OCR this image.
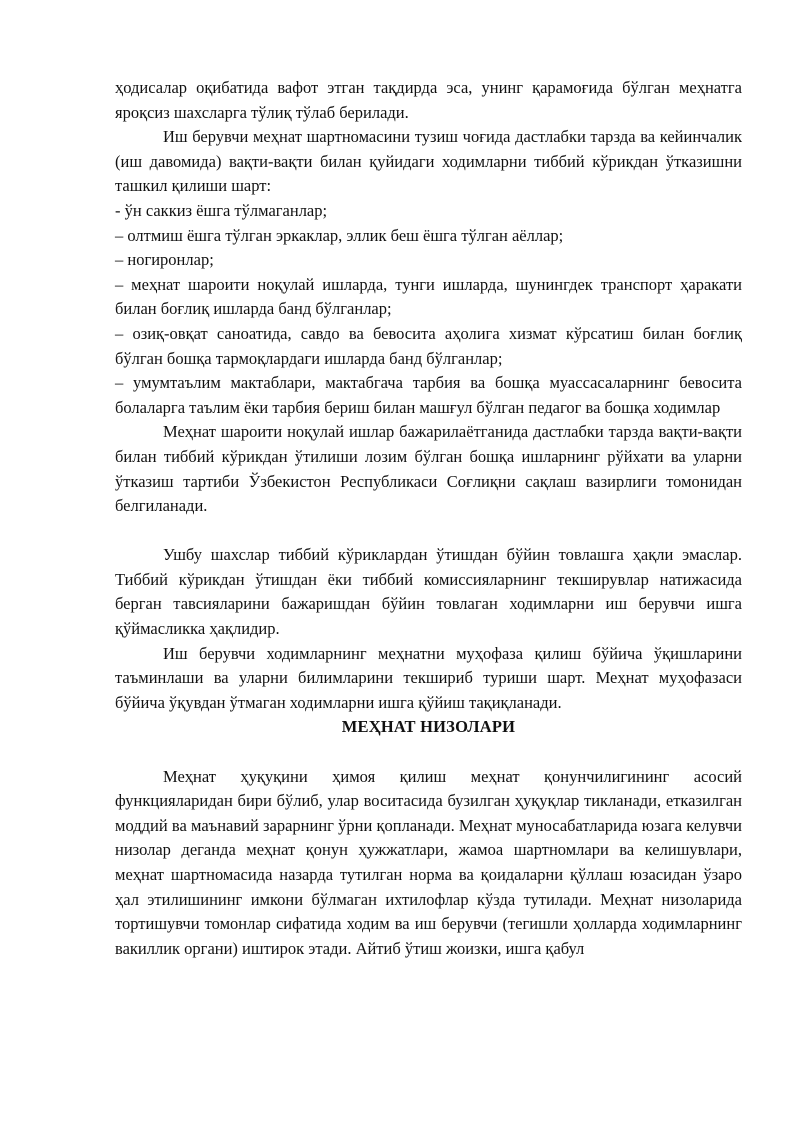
ҳодисалар оқибатида вафот этган тақдирда эса, унинг қарамоғида бўлган меҳнатга яроқсиз шахсларга тўлиқ тўлаб берилади.

Иш берувчи меҳнат шартномасини тузиш чоғида дастлабки тарзда ва кейинчалик (иш давомида) вақти-вақти билан қуйидаги ходимларни тиббий кўрикдан ўтказишни ташкил қилиши шарт:

- ўн саккиз ёшга тўлмаганлар;

– олтмиш ёшга тўлган эркаклар, эллик беш ёшга тўлган аёллар;

– ногиронлар;

– меҳнат шароити ноқулай ишларда, тунги ишларда, шунингдек транспорт ҳаракати билан боғлиқ ишларда банд бўлганлар;

– озиқ-овқат саноатида, савдо ва бевосита аҳолига хизмат кўрсатиш билан боғлиқ бўлган бошқа тармоқлардаги ишларда банд бўлганлар;

– умумтаълим мактаблари, мактабгача тарбия ва бошқа муассасаларнинг бевосита болаларга таълим ёки тарбия бериш билан машғул бўлган педагог ва бошқа ходимлар

Меҳнат шароити ноқулай ишлар бажарилаётганида дастлабки тарзда вақти-вақти билан тиббий кўрикдан ўтилиши лозим бўлган бошқа ишларнинг рўйхати ва уларни ўтказиш тартиби Ўзбекистон Республикаси Соғлиқни сақлаш вазирлиги томонидан белгиланади.

Ушбу шахслар тиббий кўриклардан ўтишдан бўйин товлашга ҳақли эмаслар. Тиббий кўрикдан ўтишдан ёки тиббий комиссияларнинг текширувлар натижасида берган тавсияларини бажаришдан бўйин товлаган ходимларни иш берувчи ишга қўймасликка ҳақлидир.

Иш берувчи ходимларнинг меҳнатни муҳофаза қилиш бўйича ўқишларини таъминлаши ва уларни билимларини текшириб туриши шарт. Меҳнат муҳофазаси бўйича ўқувдан ўтмаган ходимларни ишга қўйиш тақиқланади.

МЕҲНАТ НИЗОЛАРИ

Меҳнат ҳуқуқини ҳимоя қилиш меҳнат қонунчилигининг асосий функцияларидан бири бўлиб, улар воситасида бузилган ҳуқуқлар тикланади, етказилган моддий ва маънавий зарарнинг ўрни қопланади. Меҳнат муносабатларида юзага келувчи низолар деганда меҳнат қонун ҳужжатлари, жамоа шартномлари ва келишувлари, меҳнат шартномасида назарда тутилган норма ва қоидаларни қўллаш юзасидан ўзаро ҳал этилишининг имкони бўлмаган ихтилофлар кўзда тутилади. Меҳнат низоларида тортишувчи томонлар сифатида ходим ва иш берувчи (тегишли ҳолларда ходимларнинг вакиллик органи) иштирок этади. Айтиб ўтиш жоизки, ишга қабул
